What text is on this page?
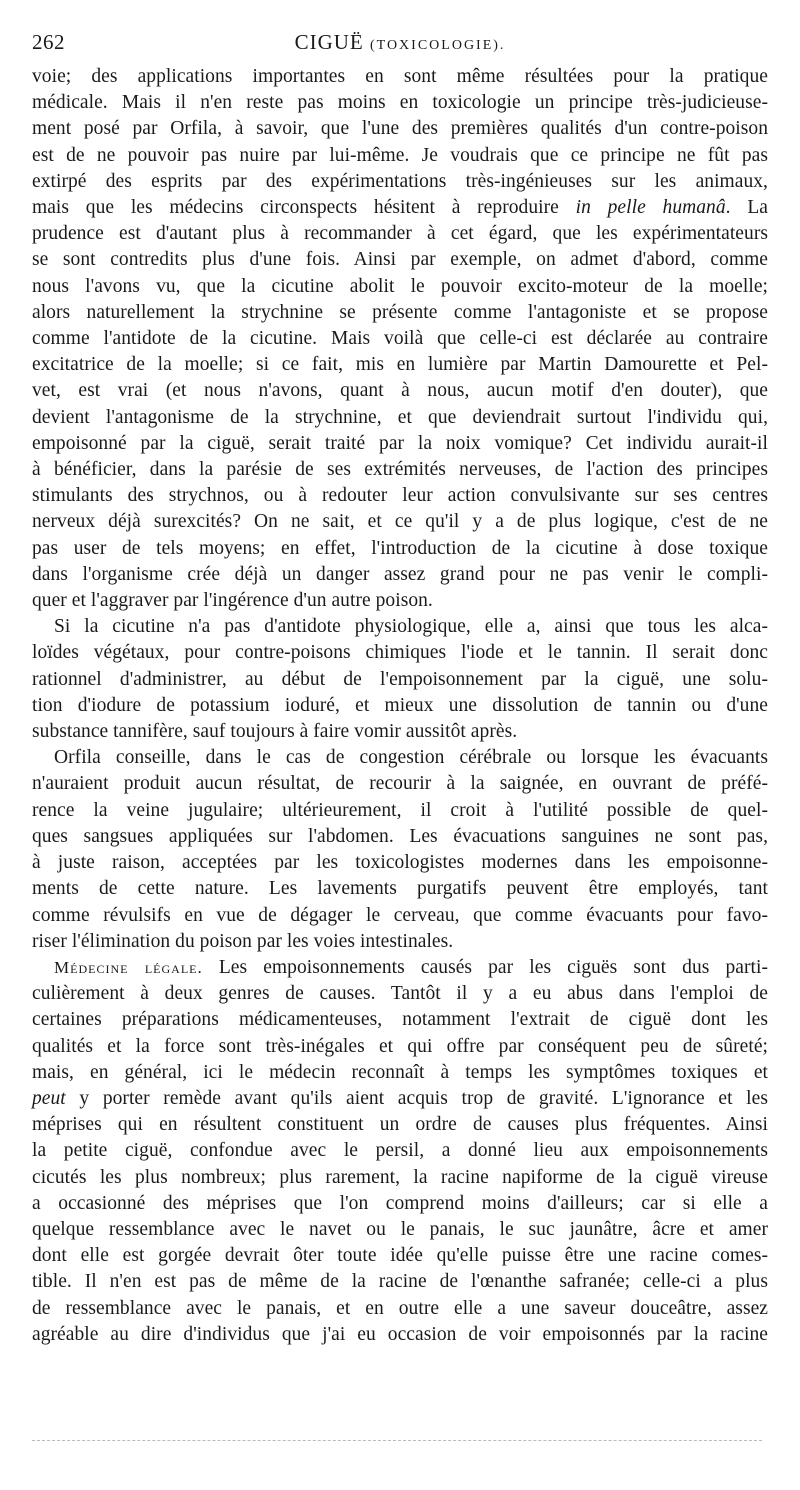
262	CIGUË (TOXICOLOGIE).

voie; des applications importantes en sont même résultées pour la pratique
médicale. Mais il n'en reste pas moins en toxicologie un principe très-judicieuse-
ment posé par Orfila, à savoir, que l'une des premières qualités d'un contre-poison
est de ne pouvoir pas nuire par lui-même. Je voudrais que ce principe ne fût pas
extirpé des esprits par des expérimentations très-ingénieuses sur les animaux,
mais que les médecins circonspects hésitent à reproduire in pelle humanâ. La
prudence est d'autant plus à recommander à cet égard, que les expérimentateurs
se sont contredits plus d'une fois. Ainsi par exemple, on admet d'abord, comme
nous l'avons vu, que la cicutine abolit le pouvoir excito-moteur de la moelle;
alors naturellement la strychnine se présente comme l'antagoniste et se propose
comme l'antidote de la cicutine. Mais voilà que celle-ci est déclarée au contraire
excitatrice de la moelle; si ce fait, mis en lumière par Martin Damourette et Pel-
vet, est vrai (et nous n'avons, quant à nous, aucun motif d'en douter), que
devient l'antagonisme de la strychnine, et que deviendrait surtout l'individu qui,
empoisonné par la ciguë, serait traité par la noix vomique? Cet individu aurait-il
à bénéficier, dans la parésie de ses extrémités nerveuses, de l'action des principes
stimulants des strychnos, ou à redouter leur action convulsivante sur ses centres
nerveux déjà surexcités? On ne sait, et ce qu'il y a de plus logique, c'est de ne
pas user de tels moyens; en effet, l'introduction de la cicutine à dose toxique
dans l'organisme crée déjà un danger assez grand pour ne pas venir le compli-
quer et l'aggraver par l'ingérence d'un autre poison.

Si la cicutine n'a pas d'antidote physiologique, elle a, ainsi que tous les alca-
loïdes végétaux, pour contre-poisons chimiques l'iode et le tannin. Il serait donc
rationnel d'administrer, au début de l'empoisonnement par la ciguë, une solu-
tion d'iodure de potassium ioduré, et mieux une dissolution de tannin ou d'une
substance tannifère, sauf toujours à faire vomir aussitôt après.

Orfila conseille, dans le cas de congestion cérébrale ou lorsque les évacuants
n'auraient produit aucun résultat, de recourir à la saignée, en ouvrant de préfé-
rence la veine jugulaire; ultérieurement, il croit à l'utilité possible de quel-
ques sangsues appliquées sur l'abdomen. Les évacuations sanguines ne sont pas,
à juste raison, acceptées par les toxicologistes modernes dans les empoisonne-
ments de cette nature. Les lavements purgatifs peuvent être employés, tant
comme révulsifs en vue de dégager le cerveau, que comme évacuants pour favo-
riser l'élimination du poison par les voies intestinales.

Médecine légale. Les empoisonnements causés par les ciguës sont dus parti-
culièrement à deux genres de causes. Tantôt il y a eu abus dans l'emploi de
certaines préparations médicamenteuses, notamment l'extrait de ciguë dont les
qualités et la force sont très-inégales et qui offre par conséquent peu de sûreté;
mais, en général, ici le médecin reconnaît à temps les symptômes toxiques et
peut y porter remède avant qu'ils aient acquis trop de gravité. L'ignorance et les
méprises qui en résultent constituent un ordre de causes plus fréquentes. Ainsi
la petite ciguë, confondue avec le persil, a donné lieu aux empoisonnements
cicutés les plus nombreux; plus rarement, la racine napiforme de la ciguë vireuse
a occasionné des méprises que l'on comprend moins d'ailleurs; car si elle a
quelque ressemblance avec le navet ou le panais, le suc jaunâtre, âcre et amer
dont elle est gorgée devrait ôter toute idée qu'elle puisse être une racine comes-
tible. Il n'en est pas de même de la racine de l'œnanthe safranée; celle-ci a plus
de ressemblance avec le panais, et en outre elle a une saveur douceâtre, assez
agréable au dire d'individus que j'ai eu occasion de voir empoisonnés par la racine
